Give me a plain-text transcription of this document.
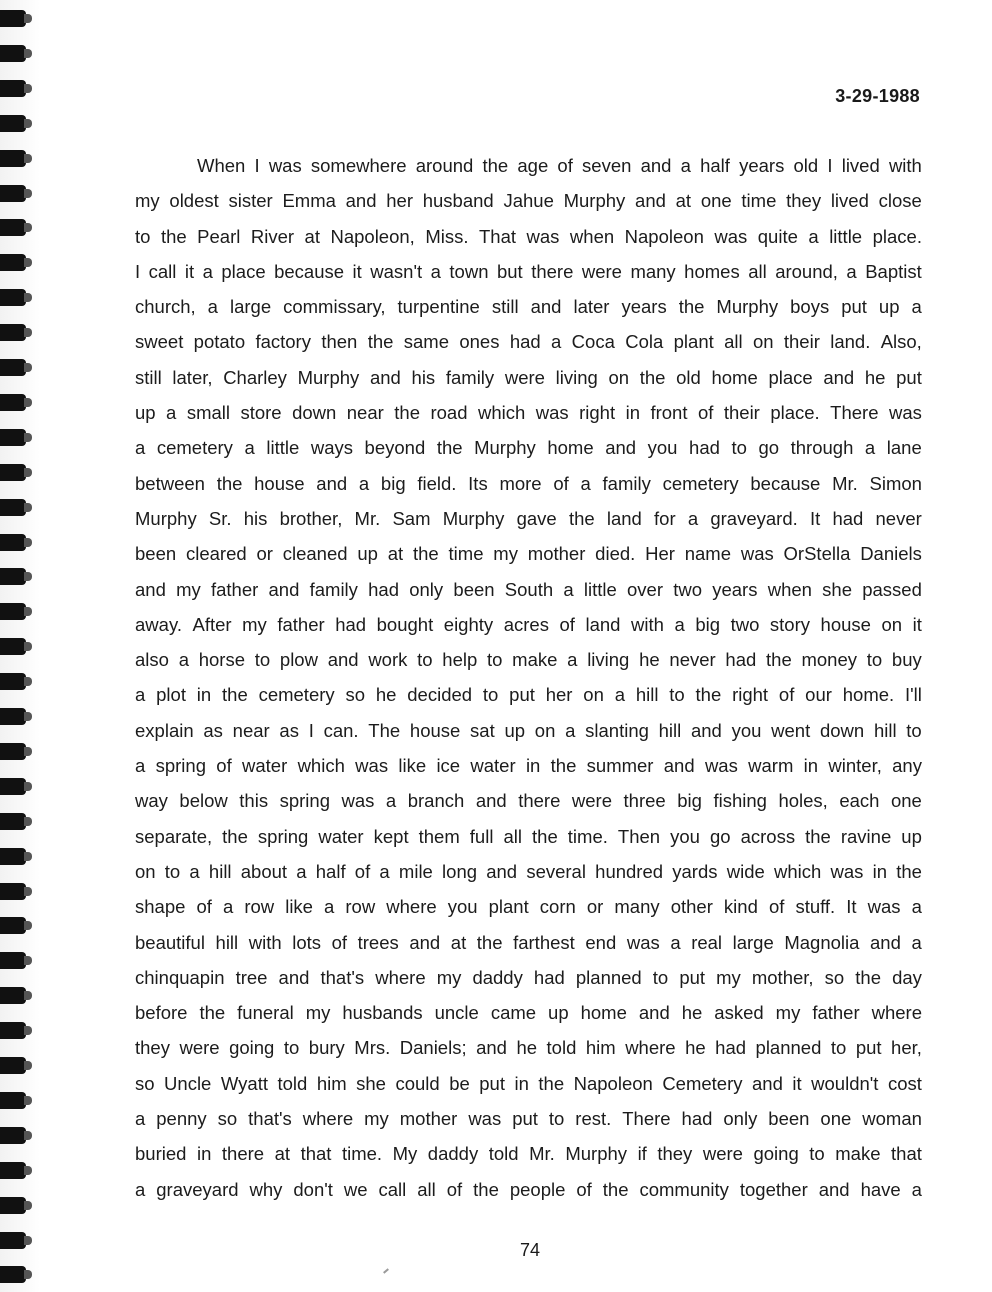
3-29-1988
When I was somewhere around the age of seven and a half years old I lived with
my oldest sister Emma and her husband Jahue Murphy and at one time they lived close
to the Pearl River at Napoleon, Miss. That was when Napoleon was quite a little place.
I call it a place because it wasn't a town but there were many homes all around, a Baptist
church, a large commissary, turpentine still and later years the Murphy boys put up a
sweet potato factory then the same ones had a Coca Cola plant all on their land. Also,
still later, Charley Murphy and his family were living on the old home place and he put
up a small store down near the road which was right in front of their place. There was
a cemetery a little ways beyond the Murphy home and you had to go through a lane
between the house and a big field. Its more of a family cemetery because Mr. Simon
Murphy Sr. his brother, Mr. Sam Murphy gave the land for a graveyard. It had never
been cleared or cleaned up at the time my mother died. Her name was OrStella Daniels
and my father and family had only been South a little over two years when she passed
away. After my father had bought eighty acres of land with a big two story house on it
also a horse to plow and work to help to make a living he never had the money to buy
a plot in the cemetery so he decided to put her on a hill to the right of our home. I'll
explain as near as I can. The house sat up on a slanting hill and you went down hill to
a spring of water which was like ice water in the summer and was warm in winter, any
way below this spring was a branch and there were three big fishing holes, each one
separate, the spring water kept them full all the time. Then you go across the ravine up
on to a hill about a half of a mile long and several hundred yards wide which was in the
shape of a row like a row where you plant corn or many other kind of stuff. It was a
beautiful hill with lots of trees and at the farthest end was a real large Magnolia and a
chinquapin tree and that's where my daddy had planned to put my mother, so the day
before the funeral my husbands uncle came up home and he asked my father where
they were going to bury Mrs. Daniels; and he told him where he had planned to put her,
so Uncle Wyatt told him she could be put in the Napoleon Cemetery and it wouldn't cost
a penny so that's where my mother was put to rest. There had only been one woman
buried in there at that time. My daddy told Mr. Murphy if they were going to make that
a graveyard why don't we call all of the people of the community together and have a
74
